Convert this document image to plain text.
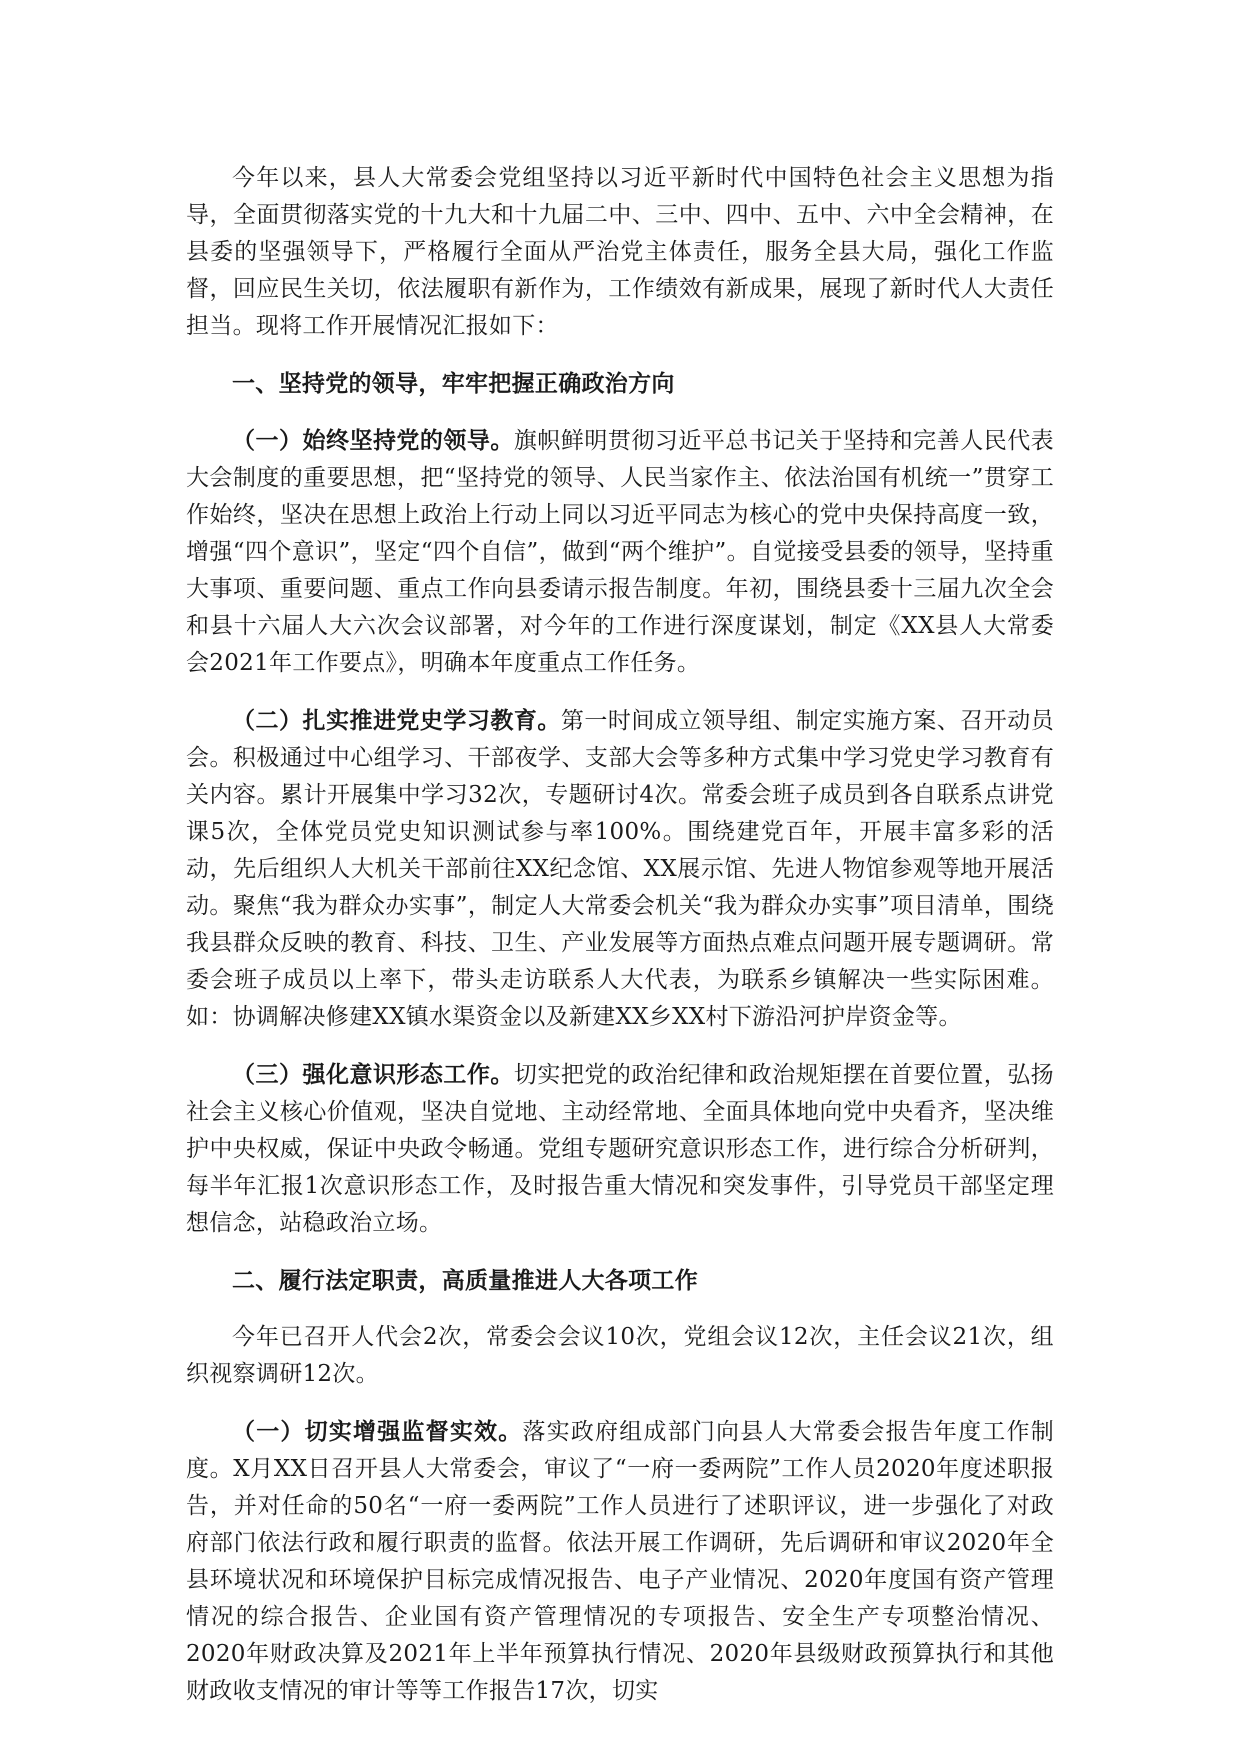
今年以来，县人大常委会党组坚持以习近平新时代中国特色社会主义思想为指导，全面贯彻落实党的十九大和十九届二中、三中、四中、五中、六中全会精神，在县委的坚强领导下，严格履行全面从严治党主体责任，服务全县大局，强化工作监督，回应民生关切，依法履职有新作为，工作绩效有新成果，展现了新时代人大责任担当。现将工作开展情况汇报如下：

一、坚持党的领导，牢牢把握正确政治方向

（一）始终坚持党的领导。旗帜鲜明贯彻习近平总书记关于坚持和完善人民代表大会制度的重要思想，把“坚持党的领导、人民当家作主、依法治国有机统一”贯穿工作始终，坚决在思想上政治上行动上同以习近平同志为核心的党中央保持高度一致，增强“四个意识”，坚定“四个自信”，做到“两个维护”。自觉接受县委的领导，坚持重大事项、重要问题、重点工作向县委请示报告制度。年初，围绕县委十三届九次全会和县十六届人大六次会议部署，对今年的工作进行深度谋划，制定《XX县人大常委会2021年工作要点》，明确本年度重点工作任务。

（二）扎实推进党史学习教育。第一时间成立领导组、制定实施方案、召开动员会。积极通过中心组学习、干部夜学、支部大会等多种方式集中学习党史学习教育有关内容。累计开展集中学习32次，专题研讨4次。常委会班子成员到各自联系点讲党课5次，全体党员党史知识测试参与率100%。围绕建党百年，开展丰富多彩的活动，先后组织人大机关干部前往XX纪念馆、XX展示馆、先进人物馆参观等地开展活动。聚焦“我为群众办实事”，制定人大常委会机关“我为群众办实事”项目清单，围绕我县群众反映的教育、科技、卫生、产业发展等方面热点难点问题开展专题调研。常委会班子成员以上率下，带头走访联系人大代表，为联系乡镇解决一些实际困难。如：协调解决修建XX镇水渠资金以及新建XX乡XX村下游沿河护岸资金等。

（三）强化意识形态工作。切实把党的政治纪律和政治规矩摆在首要位置，弘扬社会主义核心价值观，坚决自觉地、主动经常地、全面具体地向党中央看齐，坚决维护中央权威，保证中央政令畅通。党组专题研究意识形态工作，进行综合分析研判，每半年汇报1次意识形态工作，及时报告重大情况和突发事件，引导党员干部坚定理想信念，站稳政治立场。

二、履行法定职责，高质量推进人大各项工作

今年已召开人代会2次，常委会会议10次，党组会议12次，主任会议21次，组织视察调研12次。

（一）切实增强监督实效。落实政府组成部门向县人大常委会报告年度工作制度。X月XX日召开县人大常委会，审议了“一府一委两院”工作人员2020年度述职报告，并对任命的50名“一府一委两院”工作人员进行了述职评议，进一步强化了对政府部门依法行政和履行职责的监督。依法开展工作调研，先后调研和审议2020年全县环境状况和环境保护目标完成情况报告、电子产业情况、2020年度国有资产管理情况的综合报告、企业国有资产管理情况的专项报告、安全生产专项整治情况、2020年财政决算及2021年上半年预算执行情况、2020年县级财政预算执行和其他财政收支情况的审计等等工作报告17次，切实
